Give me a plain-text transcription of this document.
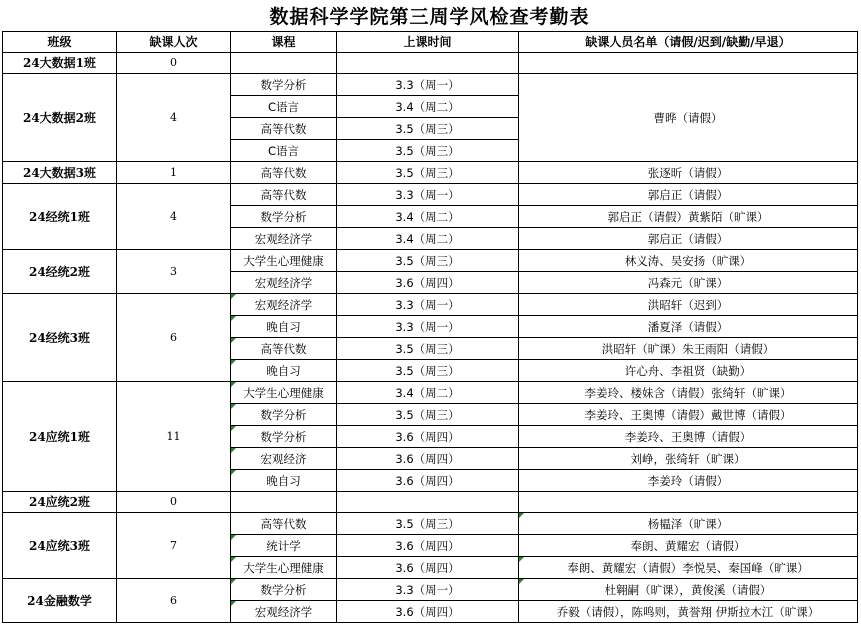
数据科学学院第三周学风检查考勤表
班级	缺课人次	课程	上课时间	缺课人员名单（请假/迟到/缺勤/早退）
24大数据1班	0			
24大数据2班	4	数学分析	3.3（周一）	曹晔（请假）
		C语言	3.4（周二）	
		高等代数	3.5（周三）	
		C语言	3.5（周三）	
24大数据3班	1	高等代数	3.5（周三）	张逐昕（请假）
24经统1班	4	高等代数	3.3（周一）	郭启正（请假）
		数学分析	3.4（周二）	郭启正（请假）黄紫陌（旷课）
		宏观经济学	3.4（周二）	郭启正（请假）
24经统2班	3	大学生心理健康	3.5（周三）	林义涛、吴安扬（旷课）
		宏观经济学	3.6（周四）	冯森元（旷课）
24经统3班	6	宏观经济学	3.3（周一）	洪昭轩（迟到）
		晚自习	3.3（周一）	潘夏泽（请假）
		高等代数	3.5（周三）	洪昭轩（旷课）朱王雨阳（请假）
		晚自习	3.5（周三）	许心舟、李祖贤（缺勤）
24应统1班	11	大学生心理健康	3.4（周二）	李姜玲、楼妹含（请假）张绮轩（旷课）
		数学分析	3.5（周三）	李姜玲、王奥博（请假）戴世博（请假）
		数学分析	3.6（周四）	李姜玲、王奥博（请假）
		宏观经济	3.6（周四）	刘峥，张绮轩（旷课）
		晚自习	3.6（周四）	李姜玲（请假）
24应统2班	0			
24应统3班	7	高等代数	3.5（周三）	杨韫泽（旷课）
		统计学	3.6（周四）	奉朗、黄耀宏（请假）
		大学生心理健康	3.6（周四）	奉朗、黄耀宏（请假）李悦昊、秦国峰（旷课）
24金融数学	6	数学分析	3.3（周一）	杜翱嗣（旷课），黄俊溪（请假）
		宏观经济学	3.6（周四）	乔毅（请假），陈鸣则，黄誉翔 伊斯拉木江（旷课）
